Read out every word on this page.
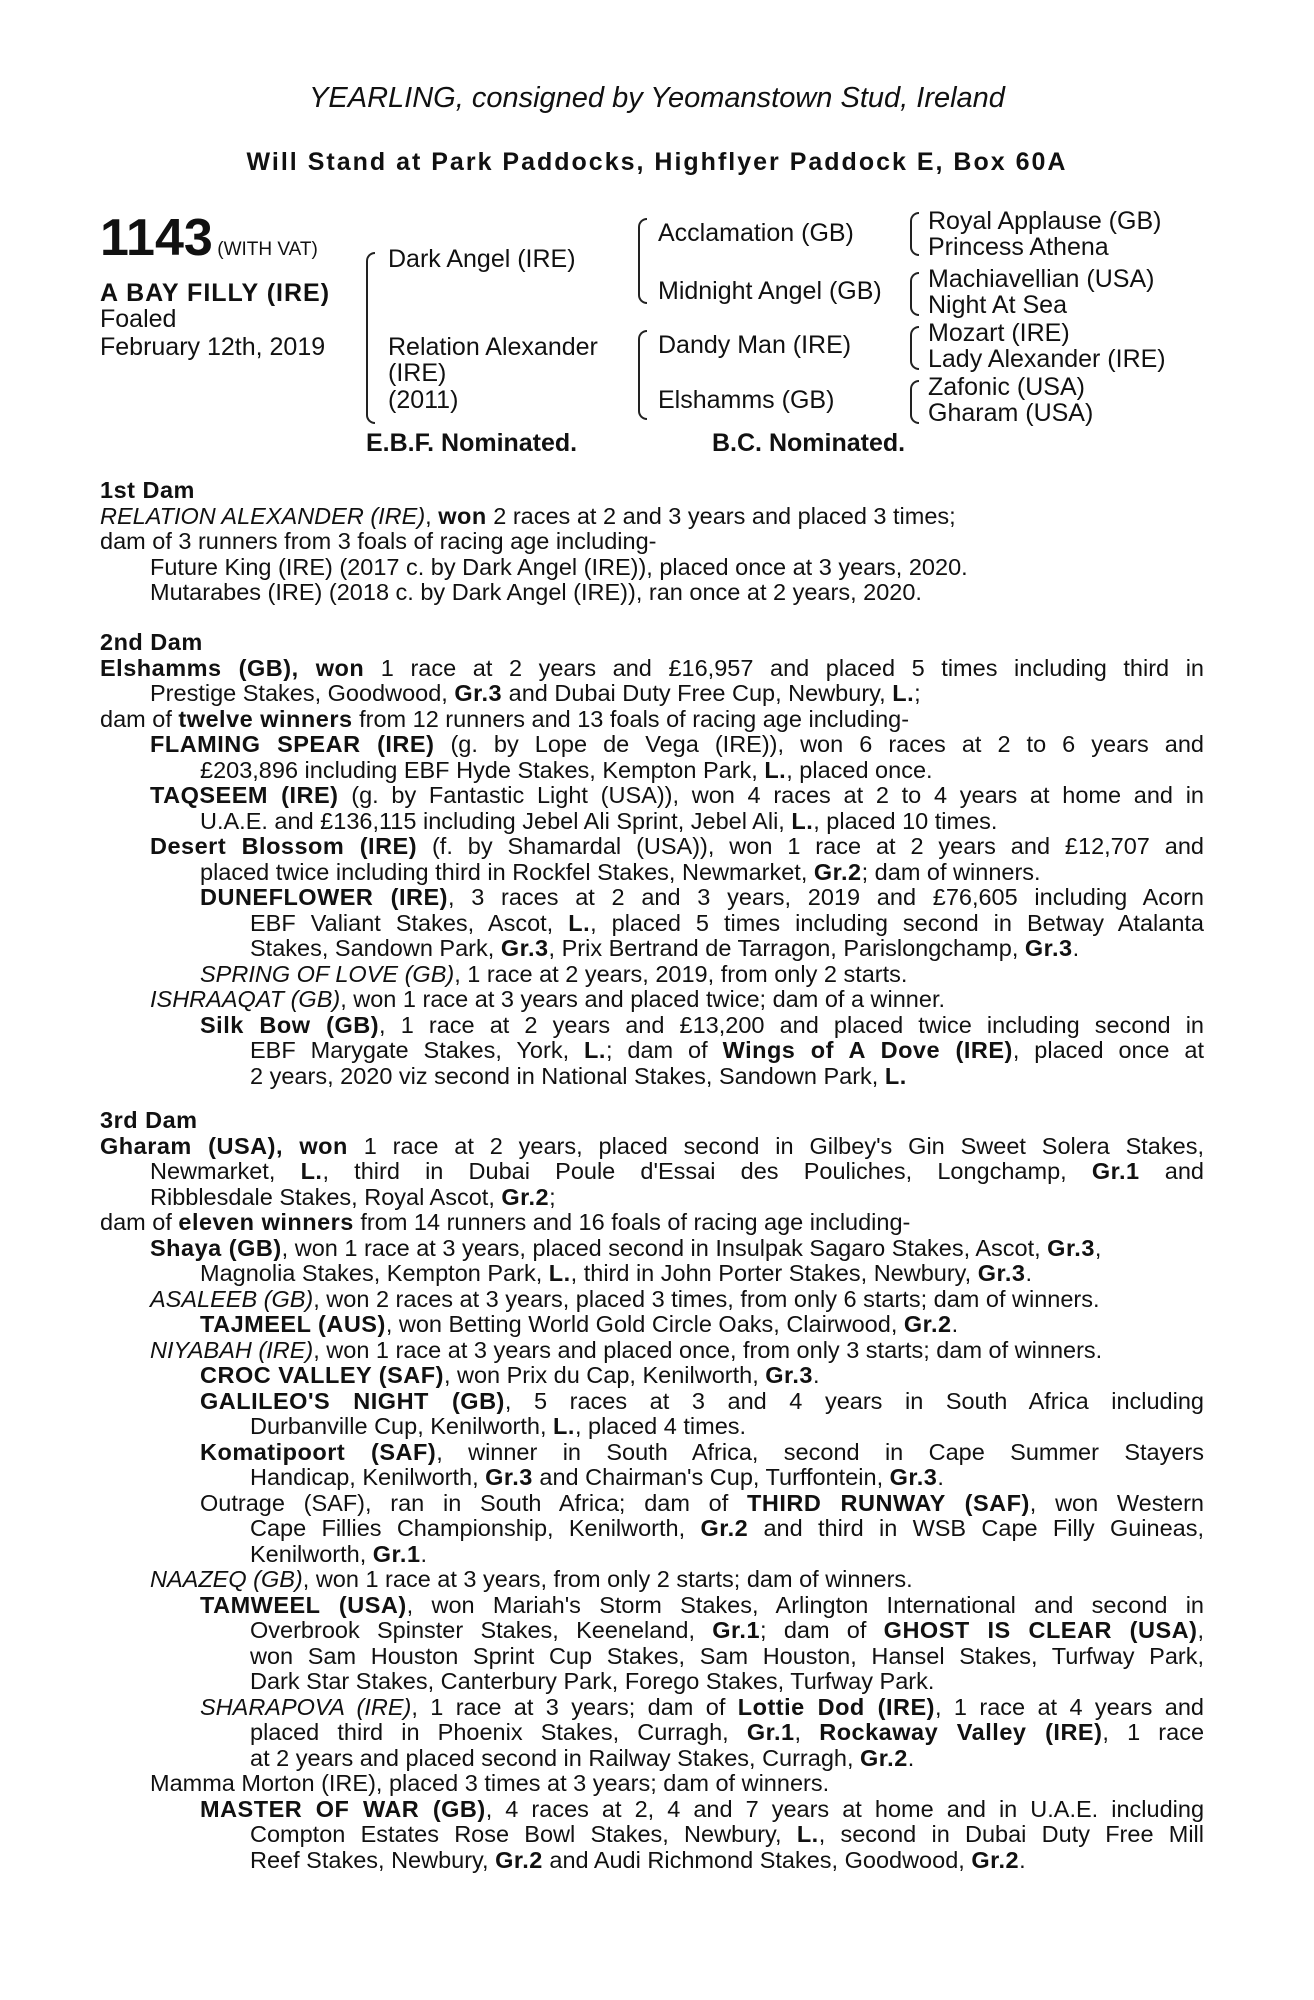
YEARLING, consigned by Yeomanstown Stud, Ireland
Will Stand at Park Paddocks, Highflyer Paddock E, Box 60A
1143 (WITH VAT)
A BAY FILLY (IRE)
Foaled
February 12th, 2019
Dark Angel (IRE)
Relation Alexander
(IRE)
(2011)
Acclamation (GB)
Midnight Angel (GB)
Dandy Man (IRE)
Elshamms (GB)
Royal Applause (GB)
Princess Athena
Machiavellian (USA)
Night At Sea
Mozart (IRE)
Lady Alexander (IRE)
Zafonic (USA)
Gharam (USA)
E.B.F. Nominated.	B.C. Nominated.
1st Dam
RELATION ALEXANDER (IRE), won 2 races at 2 and 3 years and placed 3 times;
dam of 3 runners from 3 foals of racing age including-
Future King (IRE) (2017 c. by Dark Angel (IRE)), placed once at 3 years, 2020.
Mutarabes (IRE) (2018 c. by Dark Angel (IRE)), ran once at 2 years, 2020.
2nd Dam
Elshamms (GB), won 1 race at 2 years and £16,957 and placed 5 times including third in
Prestige Stakes, Goodwood, Gr.3 and Dubai Duty Free Cup, Newbury, L.;
dam of twelve winners from 12 runners and 13 foals of racing age including-
FLAMING SPEAR (IRE) (g. by Lope de Vega (IRE)), won 6 races at 2 to 6 years and
£203,896 including EBF Hyde Stakes, Kempton Park, L., placed once.
TAQSEEM (IRE) (g. by Fantastic Light (USA)), won 4 races at 2 to 4 years at home and in
U.A.E. and £136,115 including Jebel Ali Sprint, Jebel Ali, L., placed 10 times.
Desert Blossom (IRE) (f. by Shamardal (USA)), won 1 race at 2 years and £12,707 and
placed twice including third in Rockfel Stakes, Newmarket, Gr.2; dam of winners.
DUNEFLOWER (IRE), 3 races at 2 and 3 years, 2019 and £76,605 including Acorn
EBF Valiant Stakes, Ascot, L., placed 5 times including second in Betway Atalanta
Stakes, Sandown Park, Gr.3, Prix Bertrand de Tarragon, Parislongchamp, Gr.3.
SPRING OF LOVE (GB), 1 race at 2 years, 2019, from only 2 starts.
ISHRAAQAT (GB), won 1 race at 3 years and placed twice; dam of a winner.
Silk Bow (GB), 1 race at 2 years and £13,200 and placed twice including second in
EBF Marygate Stakes, York, L.; dam of Wings of A Dove (IRE), placed once at
2 years, 2020 viz second in National Stakes, Sandown Park, L.
3rd Dam
Gharam (USA), won 1 race at 2 years, placed second in Gilbey's Gin Sweet Solera Stakes,
Newmarket, L., third in Dubai Poule d'Essai des Pouliches, Longchamp, Gr.1 and
Ribblesdale Stakes, Royal Ascot, Gr.2;
dam of eleven winners from 14 runners and 16 foals of racing age including-
Shaya (GB), won 1 race at 3 years, placed second in Insulpak Sagaro Stakes, Ascot, Gr.3,
Magnolia Stakes, Kempton Park, L., third in John Porter Stakes, Newbury, Gr.3.
ASALEEB (GB), won 2 races at 3 years, placed 3 times, from only 6 starts; dam of winners.
TAJMEEL (AUS), won Betting World Gold Circle Oaks, Clairwood, Gr.2.
NIYABAH (IRE), won 1 race at 3 years and placed once, from only 3 starts; dam of winners.
CROC VALLEY (SAF), won Prix du Cap, Kenilworth, Gr.3.
GALILEO'S NIGHT (GB), 5 races at 3 and 4 years in South Africa including
Durbanville Cup, Kenilworth, L., placed 4 times.
Komatipoort (SAF), winner in South Africa, second in Cape Summer Stayers
Handicap, Kenilworth, Gr.3 and Chairman's Cup, Turffontein, Gr.3.
Outrage (SAF), ran in South Africa; dam of THIRD RUNWAY (SAF), won Western
Cape Fillies Championship, Kenilworth, Gr.2 and third in WSB Cape Filly Guineas,
Kenilworth, Gr.1.
NAAZEQ (GB), won 1 race at 3 years, from only 2 starts; dam of winners.
TAMWEEL (USA), won Mariah's Storm Stakes, Arlington International and second in
Overbrook Spinster Stakes, Keeneland, Gr.1; dam of GHOST IS CLEAR (USA),
won Sam Houston Sprint Cup Stakes, Sam Houston, Hansel Stakes, Turfway Park,
Dark Star Stakes, Canterbury Park, Forego Stakes, Turfway Park.
SHARAPOVA (IRE), 1 race at 3 years; dam of Lottie Dod (IRE), 1 race at 4 years and
placed third in Phoenix Stakes, Curragh, Gr.1, Rockaway Valley (IRE), 1 race
at 2 years and placed second in Railway Stakes, Curragh, Gr.2.
Mamma Morton (IRE), placed 3 times at 3 years; dam of winners.
MASTER OF WAR (GB), 4 races at 2, 4 and 7 years at home and in U.A.E. including
Compton Estates Rose Bowl Stakes, Newbury, L., second in Dubai Duty Free Mill
Reef Stakes, Newbury, Gr.2 and Audi Richmond Stakes, Goodwood, Gr.2.
